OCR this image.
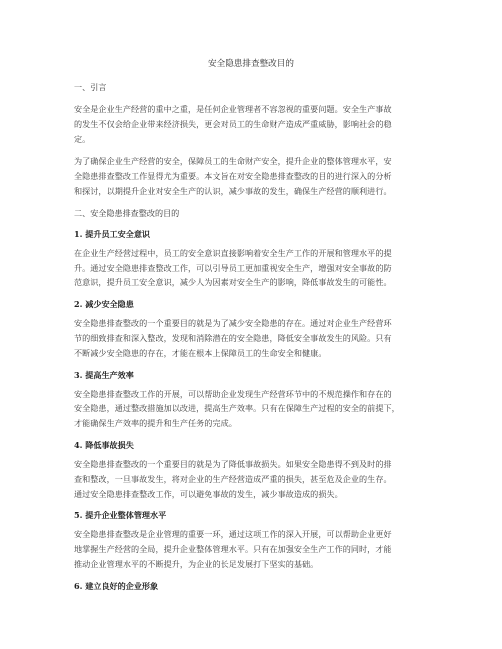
安全隐患排查整改目的
一、引言
安全是企业生产经营的重中之重，是任何企业管理者不容忽视的重要问题。安全生产事故
的发生不仅会给企业带来经济损失，更会对员工的生命财产造成严重威胁，影响社会的稳
定。
为了确保企业生产经营的安全，保障员工的生命财产安全，提升企业的整体管理水平，安
全隐患排查整改工作显得尤为重要。本文旨在对安全隐患排查整改的目的进行深入的分析
和探讨，以期提升企业对安全生产的认识，减少事故的发生，确保生产经营的顺利进行。
二、安全隐患排查整改的目的
1. 提升员工安全意识
在企业生产经营过程中，员工的安全意识直接影响着安全生产工作的开展和管理水平的提
升。通过安全隐患排查整改工作，可以引导员工更加重视安全生产，增强对安全事故的防
范意识，提升员工安全意识，减少人为因素对安全生产的影响，降低事故发生的可能性。
2. 减少安全隐患
安全隐患排查整改的一个重要目的就是为了减少安全隐患的存在。通过对企业生产经营环
节的细致排查和深入整改，发现和消除潜在的安全隐患，降低安全事故发生的风险。只有
不断减少安全隐患的存在，才能在根本上保障员工的生命安全和健康。
3. 提高生产效率
安全隐患排查整改工作的开展，可以帮助企业发现生产经营环节中的不规范操作和存在的
安全隐患，通过整改措施加以改进，提高生产效率。只有在保障生产过程的安全的前提下，
才能确保生产效率的提升和生产任务的完成。
4. 降低事故损失
安全隐患排查整改的一个重要目的就是为了降低事故损失。如果安全隐患得不到及时的排
查和整改，一旦事故发生，将对企业的生产经营造成严重的损失，甚至危及企业的生存。
通过安全隐患排查整改工作，可以避免事故的发生，减少事故造成的损失。
5. 提升企业整体管理水平
安全隐患排查整改是企业管理的重要一环，通过这项工作的深入开展，可以帮助企业更好
地掌握生产经营的全局，提升企业整体管理水平。只有在加强安全生产工作的同时，才能
推动企业管理水平的不断提升，为企业的长足发展打下坚实的基础。
6. 建立良好的企业形象
